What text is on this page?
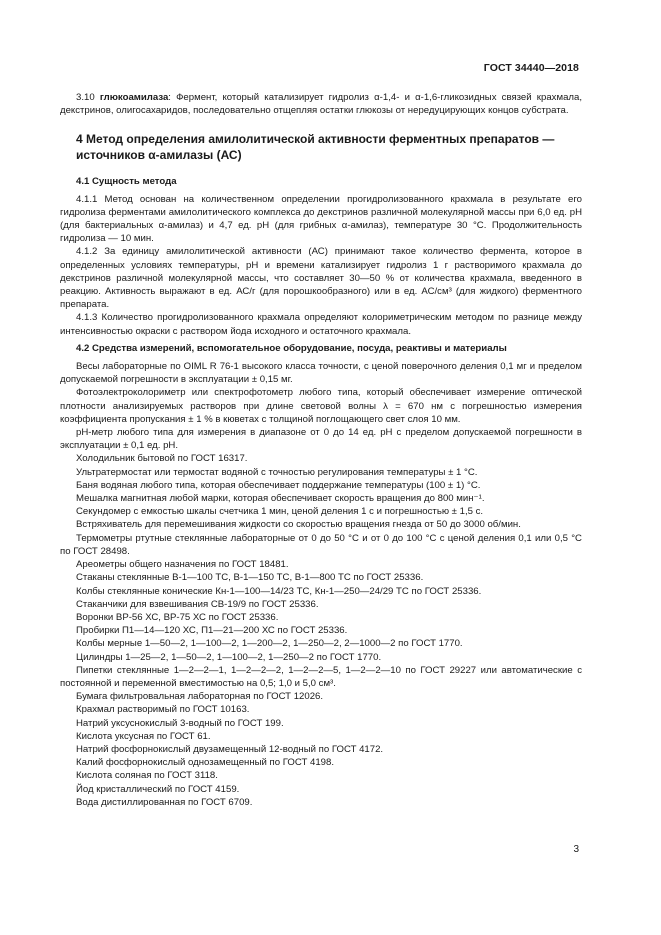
ГОСТ 34440—2018

3.10 глюкоамилаза: Фермент, который катализирует гидролиз α-1,4- и α-1,6-гликозидных связей крахмала, декстринов, олигосахаридов, последовательно отщепляя остатки глюкозы от нередуцирующих концов субстрата.

4 Метод определения амилолитической активности ферментных препаратов — источников α-амилазы (АС)

4.1 Сущность метода

4.1.1 Метод основан на количественном определении прогидролизованного крахмала в результате его гидролиза ферментами амилолитического комплекса до декстринов различной молекулярной массы при 6,0 ед. рН (для бактериальных α-амилаз) и 4,7 ед. рН (для грибных α-амилаз), температуре 30 °С. Продолжительность гидролиза — 10 мин.

4.1.2 За единицу амилолитической активности (АС) принимают такое количество фермента, которое в определенных условиях температуры, рН и времени катализирует гидролиз 1 г растворимого крахмала до декстринов различной молекулярной массы, что составляет 30—50 % от количества крахмала, введенного в реакцию. Активность выражают в ед. АС/г (для порошкообразного) или в ед. АС/см³ (для жидкого) ферментного препарата.

4.1.3 Количество прогидролизованного крахмала определяют колориметрическим методом по разнице между интенсивностью окраски с раствором йода исходного и остаточного крахмала.

4.2 Средства измерений, вспомогательное оборудование, посуда, реактивы и материалы

Весы лабораторные по OIML R 76-1 высокого класса точности, с ценой поверочного деления 0,1 мг и пределом допускаемой погрешности в эксплуатации ± 0,15 мг.

Фотоэлектроколориметр или спектрофотометр любого типа, который обеспечивает измерение оптической плотности анализируемых растворов при длине световой волны λ = 670 нм с погрешностью измерения коэффициента пропускания ± 1 % в кюветах с толщиной поглощающего свет слоя 10 мм.

рН-метр любого типа для измерения в диапазоне от 0 до 14 ед. рН с пределом допускаемой погрешности в эксплуатации ± 0,1 ед. рН.

Холодильник бытовой по ГОСТ 16317.

Ультратермостат или термостат водяной с точностью регулирования температуры ± 1 °С.

Баня водяная любого типа, которая обеспечивает поддержание температуры (100 ± 1) °С.

Мешалка магнитная любой марки, которая обеспечивает скорость вращения до 800 мин⁻¹.

Секундомер с емкостью шкалы счетчика 1 мин, ценой деления 1 с и погрешностью ± 1,5 с.

Встряхиватель для перемешивания жидкости со скоростью вращения гнезда от 50 до 3000 об/мин.

Термометры ртутные стеклянные лабораторные от 0 до 50 °С и от 0 до 100 °С с ценой деления 0,1 или 0,5 °С по ГОСТ 28498.

Ареометры общего назначения по ГОСТ 18481.

Стаканы стеклянные В-1—100 ТС, В-1—150 ТС, В-1—800 ТС по ГОСТ 25336.

Колбы стеклянные конические Кн-1—100—14/23 ТС, Кн-1—250—24/29 ТС по ГОСТ 25336.

Стаканчики для взвешивания СВ-19/9 по ГОСТ 25336.

Воронки ВР-56 ХС, ВР-75 ХС по ГОСТ 25336.

Пробирки П1—14—120 ХС, П1—21—200 ХС по ГОСТ 25336.

Колбы мерные 1—50—2, 1—100—2, 1—200—2, 1—250—2, 2—1000—2 по ГОСТ 1770.

Цилиндры 1—25—2, 1—50—2, 1—100—2, 1—250—2 по ГОСТ 1770.

Пипетки стеклянные 1—2—2—1, 1—2—2—2, 1—2—2—5, 1—2—2—10 по ГОСТ 29227 или автоматические с постоянной и переменной вместимостью на 0,5; 1,0 и 5,0 см³.

Бумага фильтровальная лабораторная по ГОСТ 12026.

Крахмал растворимый по ГОСТ 10163.

Натрий уксуснокислый 3-водный по ГОСТ 199.

Кислота уксусная по ГОСТ 61.

Натрий фосфорнокислый двузамещенный 12-водный по ГОСТ 4172.

Калий фосфорнокислый однозамещенный по ГОСТ 4198.

Кислота соляная по ГОСТ 3118.

Йод кристаллический по ГОСТ 4159.

Вода дистиллированная по ГОСТ 6709.

3
